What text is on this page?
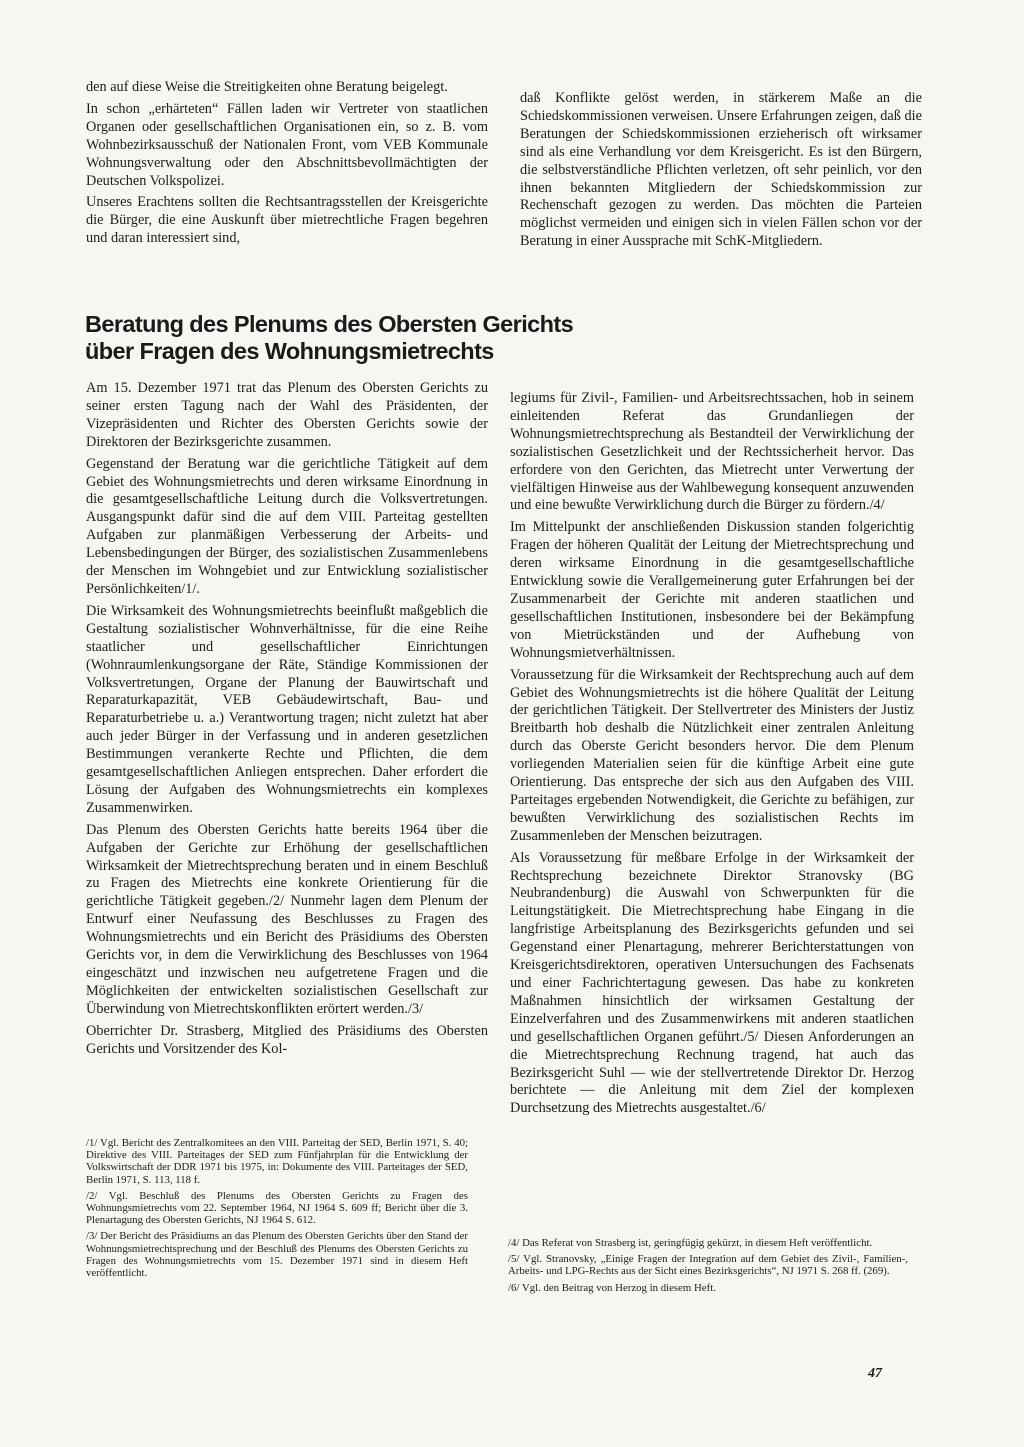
den auf diese Weise die Streitigkeiten ohne Beratung beigelegt.

In schon „erhärteten“ Fällen laden wir Vertreter von staatlichen Organen oder gesellschaftlichen Organisationen ein, so z. B. vom Wohnbezirksausschuß der Nationalen Front, vom VEB Kommunale Wohnungsverwaltung oder den Abschnittsbevollmächtigten der Deutschen Volkspolizei.

Unseres Erachtens sollten die Rechtsantragsstellen der Kreisgerichte die Bürger, die eine Auskunft über mietrechtliche Fragen begehren und daran interessiert sind,

daß Konflikte gelöst werden, in stärkerem Maße an die Schiedskommissionen verweisen. Unsere Erfahrungen zeigen, daß die Beratungen der Schiedskommissionen erzieherisch oft wirksamer sind als eine Verhandlung vor dem Kreisgericht. Es ist den Bürgern, die selbstverständliche Pflichten verletzen, oft sehr peinlich, vor den ihnen bekannten Mitgliedern der Schiedskommission zur Rechenschaft gezogen zu werden. Das möchten die Parteien möglichst vermeiden und einigen sich in vielen Fällen schon vor der Beratung in einer Aussprache mit SchK-Mitgliedern.

Beratung des Plenums des Obersten Gerichts
über Fragen des Wohnungsmietrechts

Am 15. Dezember 1971 trat das Plenum des Obersten Gerichts zu seiner ersten Tagung nach der Wahl des Präsidenten, der Vizepräsidenten und Richter des Obersten Gerichts sowie der Direktoren der Bezirksgerichte zusammen.

Gegenstand der Beratung war die gerichtliche Tätigkeit auf dem Gebiet des Wohnungsmietrechts und deren wirksame Einordnung in die gesamtgesellschaftliche Leitung durch die Volksvertretungen. Ausgangspunkt dafür sind die auf dem VIII. Parteitag gestellten Aufgaben zur planmäßigen Verbesserung der Arbeits- und Lebensbedingungen der Bürger, des sozialistischen Zusammenlebens der Menschen im Wohngebiet und zur Entwicklung sozialistischer Persönlichkeiten/1/.

Die Wirksamkeit des Wohnungsmietrechts beeinflußt maßgeblich die Gestaltung sozialistischer Wohnverhältnisse, für die eine Reihe staatlicher und gesellschaftlicher Einrichtungen (Wohnraumlenkungsorgane der Räte, Ständige Kommissionen der Volksvertretungen, Organe der Planung der Bauwirtschaft und Reparaturkapazität, VEB Gebäudewirtschaft, Bau- und Reparaturbetriebe u. a.) Verantwortung tragen; nicht zuletzt hat aber auch jeder Bürger in der Verfassung und in anderen gesetzlichen Bestimmungen verankerte Rechte und Pflichten, die dem gesamtgesellschaftlichen Anliegen entsprechen. Daher erfordert die Lösung der Aufgaben des Wohnungsmietrechts ein komplexes Zusammenwirken.

Das Plenum des Obersten Gerichts hatte bereits 1964 über die Aufgaben der Gerichte zur Erhöhung der gesellschaftlichen Wirksamkeit der Mietrechtsprechung beraten und in einem Beschluß zu Fragen des Mietrechts eine konkrete Orientierung für die gerichtliche Tätigkeit gegeben./2/ Nunmehr lagen dem Plenum der Entwurf einer Neufassung des Beschlusses zu Fragen des Wohnungsmietrechts und ein Bericht des Präsidiums des Obersten Gerichts vor, in dem die Verwirklichung des Beschlusses von 1964 eingeschätzt und inzwischen neu aufgetretene Fragen und die Möglichkeiten der entwickelten sozialistischen Gesellschaft zur Überwindung von Mietrechtskonflikten erörtert werden./3/

Oberrichter Dr. Strasberg, Mitglied des Präsidiums des Obersten Gerichts und Vorsitzender des Kol-

/1/ Vgl. Bericht des Zentralkomitees an den VIII. Parteitag der SED, Berlin 1971, S. 40; Direktive des VIII. Parteitages der SED zum Fünfjahrplan für die Entwicklung der Volkswirtschaft der DDR 1971 bis 1975, in: Dokumente des VIII. Parteitages der SED, Berlin 1971, S. 113, 118 f.

/2/ Vgl. Beschluß des Plenums des Obersten Gerichts zu Fragen des Wohnungsmietrechts vom 22. September 1964, NJ 1964 S. 609 ff; Bericht über die 3. Plenartagung des Obersten Gerichts, NJ 1964 S. 612.

/3/ Der Bericht des Präsidiums an das Plenum des Obersten Gerichts über den Stand der Wohnungsmietrechtsprechung und der Beschluß des Plenums des Obersten Gerichts zu Fragen des Wohnungsmietrechts vom 15. Dezember 1971 sind in diesem Heft veröffentlicht.

legiums für Zivil-, Familien- und Arbeitsrechtssachen, hob in seinem einleitenden Referat das Grundanliegen der Wohnungsmietrechtsprechung als Bestandteil der Verwirklichung der sozialistischen Gesetzlichkeit und der Rechtssicherheit hervor. Das erfordere von den Gerichten, das Mietrecht unter Verwertung der vielfältigen Hinweise aus der Wahlbewegung konsequent anzuwenden und eine bewußte Verwirklichung durch die Bürger zu fördern./4/

Im Mittelpunkt der anschließenden Diskussion standen folgerichtig Fragen der höheren Qualität der Leitung der Mietrechtsprechung und deren wirksame Einordnung in die gesamtgesellschaftliche Entwicklung sowie die Verallgemeinerung guter Erfahrungen bei der Zusammenarbeit der Gerichte mit anderen staatlichen und gesellschaftlichen Institutionen, insbesondere bei der Bekämpfung von Mietrückständen und der Aufhebung von Wohnungsmietverhältnissen.

Voraussetzung für die Wirksamkeit der Rechtsprechung auch auf dem Gebiet des Wohnungsmietrechts ist die höhere Qualität der Leitung der gerichtlichen Tätigkeit. Der Stellvertreter des Ministers der Justiz Breitbarth hob deshalb die Nützlichkeit einer zentralen Anleitung durch das Oberste Gericht besonders hervor. Die dem Plenum vorliegenden Materialien seien für die künftige Arbeit eine gute Orientierung. Das entspreche der sich aus den Aufgaben des VIII. Parteitages ergebenden Notwendigkeit, die Gerichte zu befähigen, zur bewußten Verwirklichung des sozialistischen Rechts im Zusammenleben der Menschen beizutragen.

Als Voraussetzung für meßbare Erfolge in der Wirksamkeit der Rechtsprechung bezeichnete Direktor Stranovsky (BG Neubrandenburg) die Auswahl von Schwerpunkten für die Leitungstätigkeit. Die Mietrechtsprechung habe Eingang in die langfristige Arbeitsplanung des Bezirksgerichts gefunden und sei Gegenstand einer Plenartagung, mehrerer Berichterstattungen von Kreisgerichtsdirektoren, operativen Untersuchungen des Fachsenats und einer Fachrichtertagung gewesen. Das habe zu konkreten Maßnahmen hinsichtlich der wirksamen Gestaltung der Einzelverfahren und des Zusammenwirkens mit anderen staatlichen und gesellschaftlichen Organen geführt./5/ Diesen Anforderungen an die Mietrechtsprechung Rechnung tragend, hat auch das Bezirksgericht Suhl — wie der stellvertretende Direktor Dr. Herzog berichtete — die Anleitung mit dem Ziel der komplexen Durchsetzung des Mietrechts ausgestaltet./6/

/4/ Das Referat von Strasberg ist, geringfügig gekürzt, in diesem Heft veröffentlicht.

/5/ Vgl. Stranovsky, „Einige Fragen der Integration auf dem Gebiet des Zivil-, Familien-, Arbeits- und LPG-Rechts aus der Sicht eines Bezirksgerichts“, NJ 1971 S. 268 ff. (269).

/6/ Vgl. den Beitrag von Herzog in diesem Heft.

47
